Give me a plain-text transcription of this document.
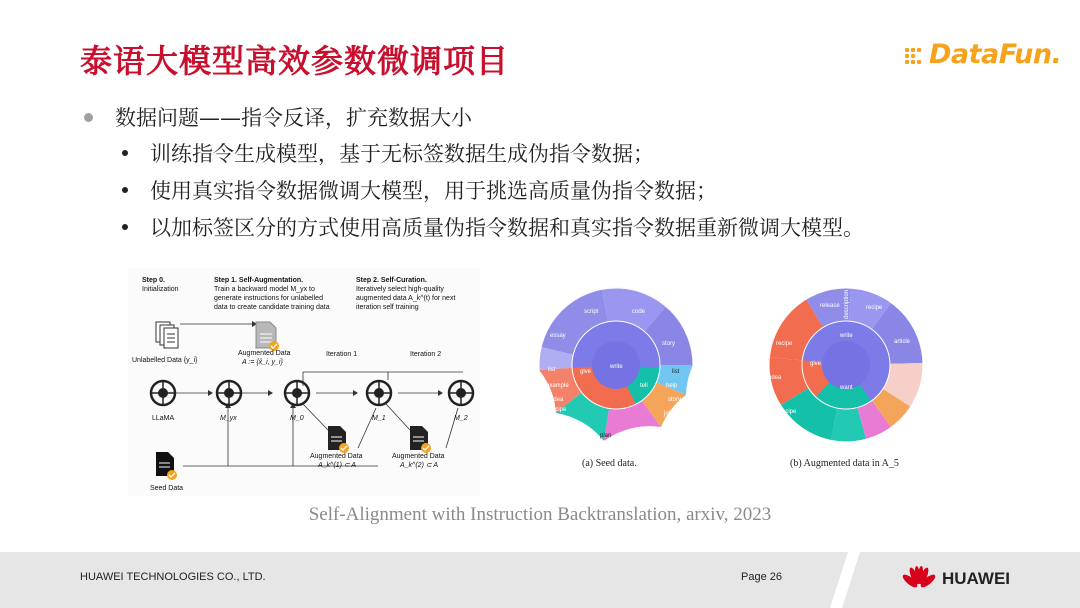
泰语大模型高效参数微调项目	DataFun.
数据问题——指令反译，扩充数据大小
训练指令生成模型，基于无标签数据生成伪指令数据；
使用真实指令数据微调大模型，用于挑选高质量伪指令数据；
以加标签区分的方式使用高质量伪指令数据和真实指令数据重新微调大模型。
Step 0.
Initialization
Step 1. Self-Augmentation.
Train a backward model M_yx to
generate instructions for unlabelled
data to create candidate training data
Step 2. Self-Curation.
Iteratively select high-quality
augmented data A_k^(t) for next
iteration self training
Unlabelled Data {y_i}
Augmented Data
A := {x̂_i, y_i}
Iteration 1	Iteration 2
LLaMA	M_yx	M_0	M_1	M_2
Augmented Data
A_k^(1) ⊂ A
Augmented Data
A_k^(2) ⊂ A
Seed Data
write
script	code
story
essay
list
example
idea
recipe
difference
plan
give
tell	help
story
joke
list
write
release description	recipe
article
recipe
recipe
idea
give
want
(a) Seed data.	(b) Augmented data in A_5
Self-Alignment with Instruction Backtranslation, arxiv, 2023
HUAWEI TECHNOLOGIES CO., LTD.	Page 26	HUAWEI
